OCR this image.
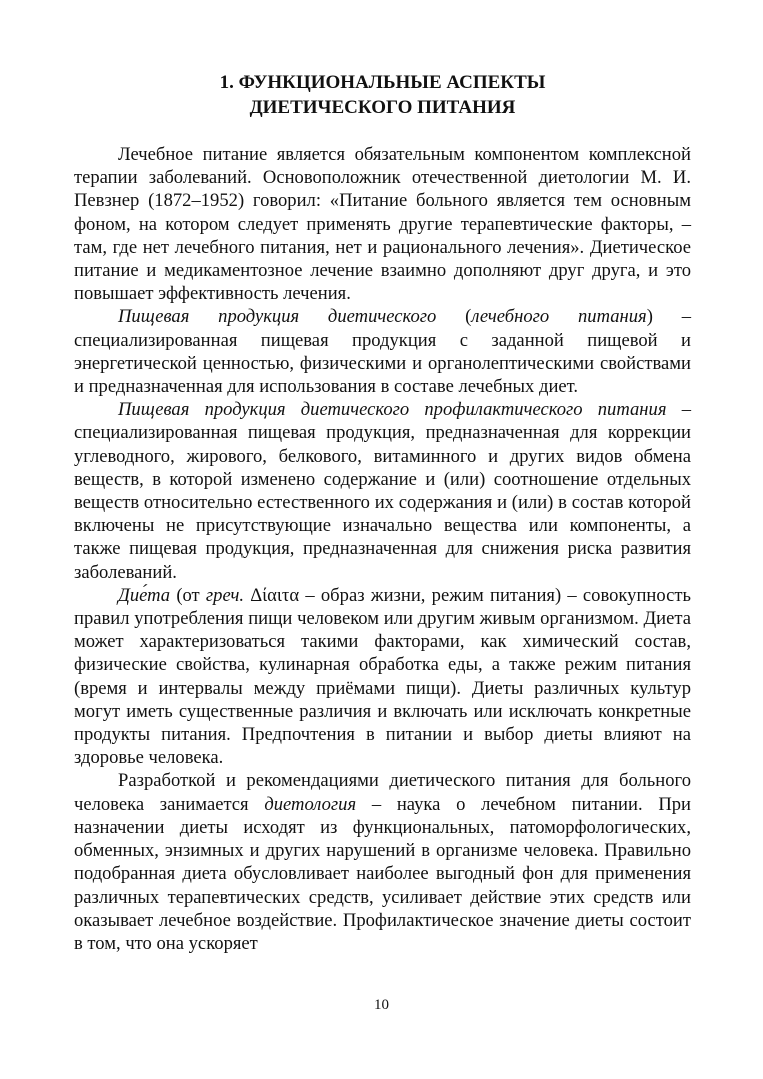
1. ФУНКЦИОНАЛЬНЫЕ АСПЕКТЫ
ДИЕТИЧЕСКОГО ПИТАНИЯ

Лечебное питание является обязательным компонентом комплексной терапии заболеваний. Основоположник отечественной диетологии М. И. Певзнер (1872–1952) говорил: «Питание больного является тем основным фоном, на котором следует применять другие терапевтические факторы, – там, где нет лечебного питания, нет и рационального лечения». Диетическое питание и медикаментозное лечение взаимно дополняют друг друга, и это повышает эффективность лечения.

Пищевая продукция диетического (лечебного питания) – специализированная пищевая продукция с заданной пищевой и энергетической ценностью, физическими и органолептическими свойствами и предназначенная для использования в составе лечебных диет.

Пищевая продукция диетического профилактического питания – специализированная пищевая продукция, предназначенная для коррекции углеводного, жирового, белкового, витаминного и других видов обмена веществ, в которой изменено содержание и (или) соотношение отдельных веществ относительно естественного их содержания и (или) в состав которой включены не присутствующие изначально вещества или компоненты, а также пищевая продукция, предназначенная для снижения риска развития заболеваний.

Дие́та (от греч. Δίαιτα – образ жизни, режим питания) – совокупность правил употребления пищи человеком или другим живым организмом. Диета может характеризоваться такими факторами, как химический состав, физические свойства, кулинарная обработка еды, а также режим питания (время и интервалы между приёмами пищи). Диеты различных культур могут иметь существенные различия и включать или исключать конкретные продукты питания. Предпочтения в питании и выбор диеты влияют на здоровье человека.

Разработкой и рекомендациями диетического питания для больного человека занимается диетология – наука о лечебном питании. При назначении диеты исходят из функциональных, патоморфологических, обменных, энзимных и других нарушений в организме человека. Правильно подобранная диета обусловливает наиболее выгодный фон для применения различных терапевтических средств, усиливает действие этих средств или оказывает лечебное воздействие. Профилактическое значение диеты состоит в том, что она ускоряет

10
